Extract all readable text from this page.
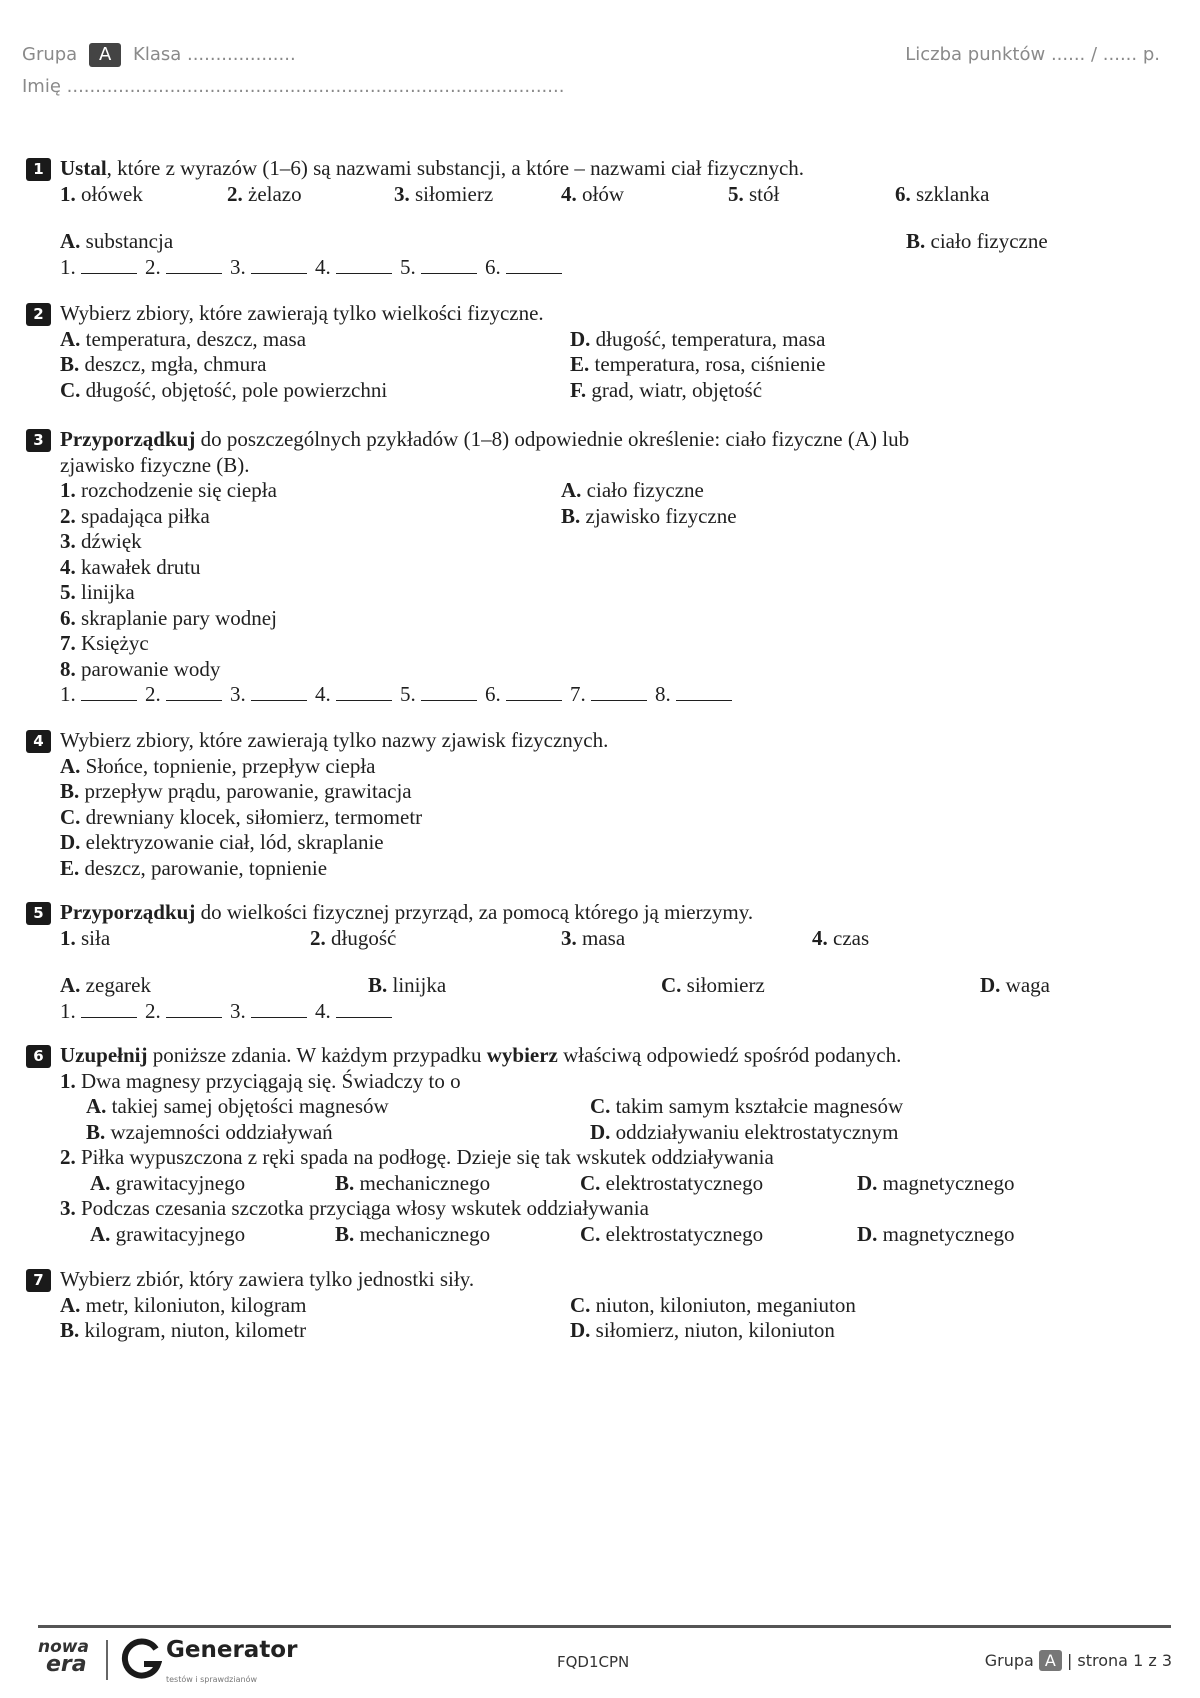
Grupa A Klasa ...................	Liczba punktów ...... / ...... p.
Imię .......................................................................................
1 Ustal, które z wyrazów (1–6) są nazwami substancji, a które – nazwami ciał fizycznych.
1. ołówek	2. żelazo	3. siłomierz	4. ołów	5. stół	6. szklanka
A. substancja	B. ciało fizyczne
1.	2.	3.	4.	5.	6.
2 Wybierz zbiory, które zawierają tylko wielkości fizyczne.
A. temperatura, deszcz, masa	D. długość, temperatura, masa
B. deszcz, mgła, chmura	E. temperatura, rosa, ciśnienie
C. długość, objętość, pole powierzchni	F. grad, wiatr, objętość
3 Przyporządkuj do poszczególnych pzykładów (1–8) odpowiednie określenie: ciało fizyczne (A) lub
zjawisko fizyczne (B).
1. rozchodzenie się ciepła	A. ciało fizyczne
2. spadająca piłka	B. zjawisko fizyczne
3. dźwięk
4. kawałek drutu
5. linijka
6. skraplanie pary wodnej
7. Księżyc
8. parowanie wody
1.	2.	3.	4.	5.	6.	7.	8.
4 Wybierz zbiory, które zawierają tylko nazwy zjawisk fizycznych.
A. Słońce, topnienie, przepływ ciepła
B. przepływ prądu, parowanie, grawitacja
C. drewniany klocek, siłomierz, termometr
D. elektryzowanie ciał, lód, skraplanie
E. deszcz, parowanie, topnienie
5 Przyporządkuj do wielkości fizycznej przyrząd, za pomocą którego ją mierzymy.
1. siła	2. długość	3. masa	4. czas
A. zegarek	B. linijka	C. siłomierz	D. waga
1.	2.	3.	4.
6 Uzupełnij poniższe zdania. W każdym przypadku wybierz właściwą odpowiedź spośród podanych.
1. Dwa magnesy przyciągają się. Świadczy to o
A. takiej samej objętości magnesów	C. takim samym kształcie magnesów
B. wzajemności oddziaływań	D. oddziaływaniu elektrostatycznym
2. Piłka wypuszczona z ręki spada na podłogę. Dzieje się tak wskutek oddziaływania
A. grawitacyjnego	B. mechanicznego	C. elektrostatycznego	D. magnetycznego
3. Podczas czesania szczotka przyciąga włosy wskutek oddziaływania
A. grawitacyjnego	B. mechanicznego	C. elektrostatycznego	D. magnetycznego
7 Wybierz zbiór, który zawiera tylko jednostki siły.
A. metr, kiloniuton, kilogram	C. niuton, kiloniuton, meganiuton
B. kilogram, niuton, kilometr	D. siłomierz, niuton, kiloniuton
nowa
era
Generator
testów i sprawdzianów
FQD1CPN	Grupa A | strona 1 z 3
